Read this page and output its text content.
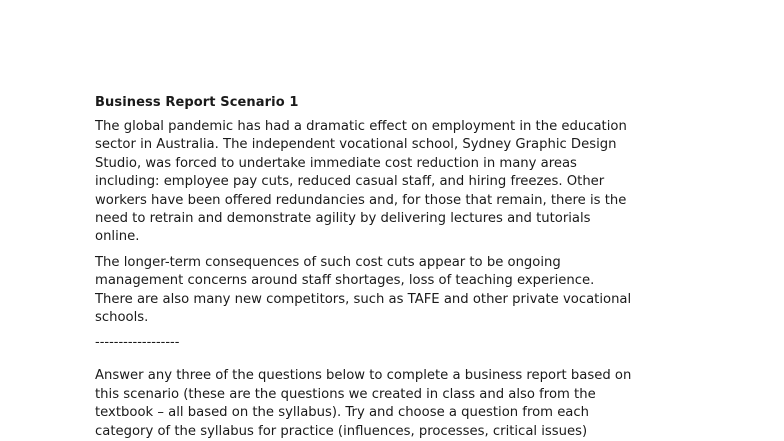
Business Report Scenario 1
The global pandemic has had a dramatic effect on employment in the education
sector in Australia. The independent vocational school, Sydney Graphic Design
Studio, was forced to undertake immediate cost reduction in many areas
including: employee pay cuts, reduced casual staff, and hiring freezes. Other
workers have been offered redundancies and, for those that remain, there is the
need to retrain and demonstrate agility by delivering lectures and tutorials
online.
The longer-term consequences of such cost cuts appear to be ongoing
management concerns around staff shortages, loss of teaching experience.
There are also many new competitors, such as TAFE and other private vocational
schools.
------------------
Answer any three of the questions below to complete a business report based on
this scenario (these are the questions we created in class and also from the
textbook – all based on the syllabus). Try and choose a question from each
category of the syllabus for practice (influences, processes, critical issues)
